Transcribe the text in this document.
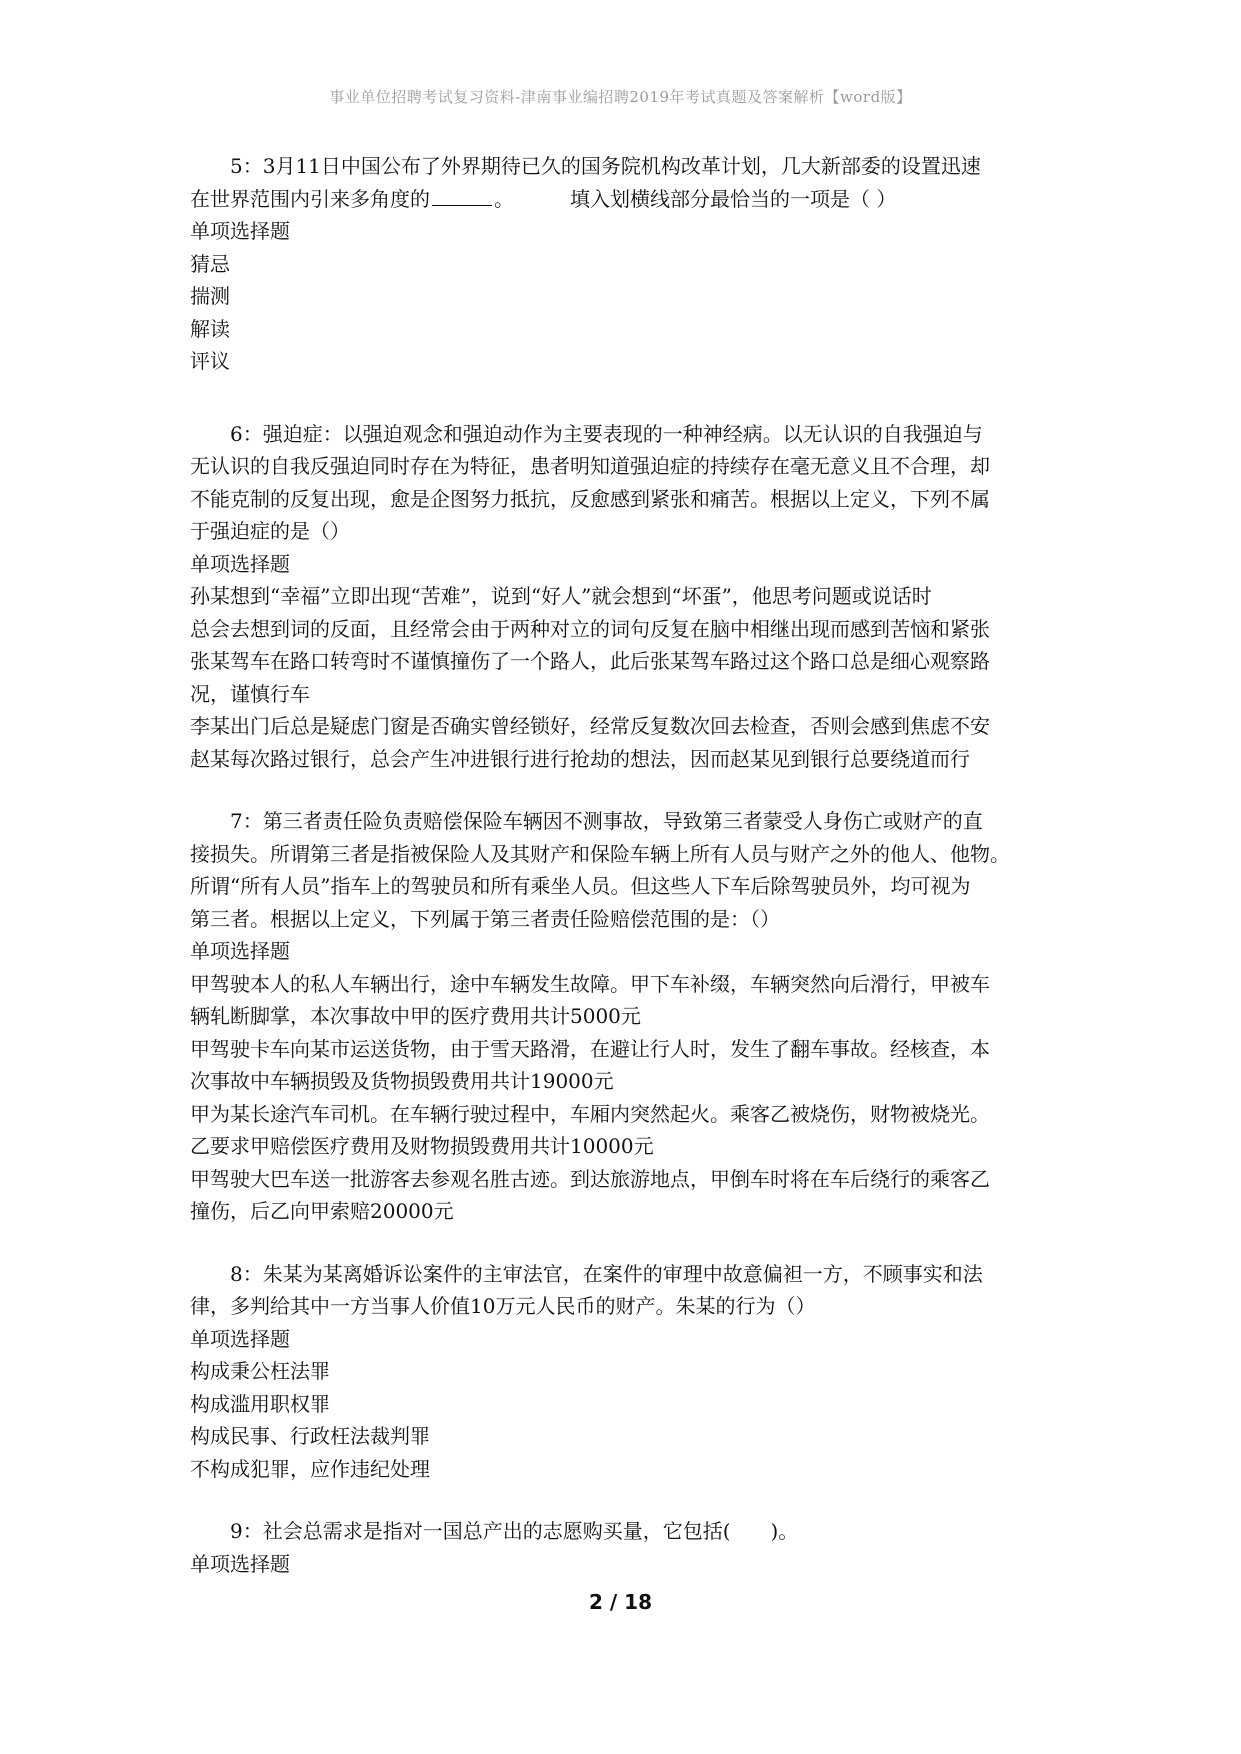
事业单位招聘考试复习资料-津南事业编招聘2019年考试真题及答案解析【word版】
5：3月11日中国公布了外界期待已久的国务院机构改革计划，几大新部委的设置迅速
在世界范围内引来多角度的	。	填入划横线部分最恰当的一项是（ ）
单项选择题
猜忌
揣测
解读
评议
6：强迫症：以强迫观念和强迫动作为主要表现的一种神经病。以无认识的自我强迫与
无认识的自我反强迫同时存在为特征，患者明知道强迫症的持续存在毫无意义且不合理，却
不能克制的反复出现，愈是企图努力抵抗，反愈感到紧张和痛苦。根据以上定义，下列不属
于强迫症的是（）
单项选择题
孙某想到“幸福”立即出现“苦难”，说到“好人”就会想到“坏蛋”，他思考问题或说话时
总会去想到词的反面，且经常会由于两种对立的词句反复在脑中相继出现而感到苦恼和紧张
张某驾车在路口转弯时不谨慎撞伤了一个路人，此后张某驾车路过这个路口总是细心观察路
况，谨慎行车
李某出门后总是疑虑门窗是否确实曾经锁好，经常反复数次回去检查，否则会感到焦虑不安
赵某每次路过银行，总会产生冲进银行进行抢劫的想法，因而赵某见到银行总要绕道而行
7：第三者责任险负责赔偿保险车辆因不测事故，导致第三者蒙受人身伤亡或财产的直
接损失。所谓第三者是指被保险人及其财产和保险车辆上所有人员与财产之外的他人、他物。
所谓“所有人员”指车上的驾驶员和所有乘坐人员。但这些人下车后除驾驶员外，均可视为
第三者。根据以上定义，下列属于第三者责任险赔偿范围的是：（）
单项选择题
甲驾驶本人的私人车辆出行，途中车辆发生故障。甲下车补缀，车辆突然向后滑行，甲被车
辆轧断脚掌，本次事故中甲的医疗费用共计5000元
甲驾驶卡车向某市运送货物，由于雪天路滑，在避让行人时，发生了翻车事故。经核查，本
次事故中车辆损毁及货物损毁费用共计19000元
甲为某长途汽车司机。在车辆行驶过程中，车厢内突然起火。乘客乙被烧伤，财物被烧光。
乙要求甲赔偿医疗费用及财物损毁费用共计10000元
甲驾驶大巴车送一批游客去参观名胜古迹。到达旅游地点，甲倒车时将在车后绕行的乘客乙
撞伤，后乙向甲索赔20000元
8：朱某为某离婚诉讼案件的主审法官，在案件的审理中故意偏袒一方，不顾事实和法
律，多判给其中一方当事人价值10万元人民币的财产。朱某的行为（）
单项选择题
构成秉公枉法罪
构成滥用职权罪
构成民事、行政枉法裁判罪
不构成犯罪，应作违纪处理
9：社会总需求是指对一国总产出的志愿购买量，它包括(　　)。
单项选择题
2 / 18
